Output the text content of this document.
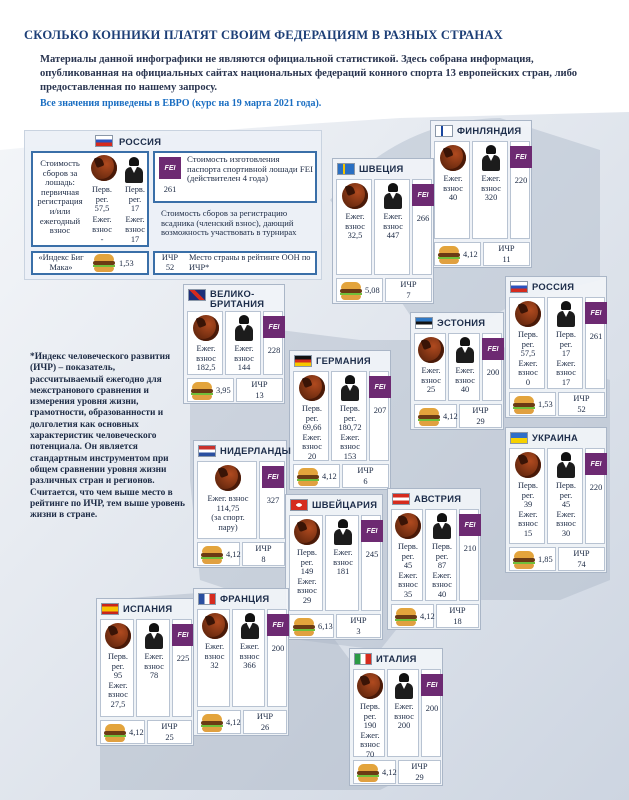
СКОЛЬКО КОННИКИ ПЛАТЯТ СВОИМ ФЕДЕРАЦИЯМ В РАЗНЫХ СТРАНАХ
Материалы данной инфографики не являются официальной статистикой. Здесь собрана информация, опубликованная на официальных сайтах национальных федераций конного спорта 13 европейских стран, либо предоставленная по нашему запросу.
Все значения приведены в ЕВРО (курс на 19 марта 2021 года).
РОССИЯ
Стоимость сборов за лошадь: первичная регистрация и/или ежегодный взнос
Перв. рег.
57,5
Ежег. взнос
-
Перв. рег.
17
Ежег. взнос
17
FEI
261
Стоимость изготовления паспорта спортивной лошади FEI (действителен 4 года)
Стоимость сборов за регистрацию всадника (членский взнос), дающий возможность участвовать в турнирах
«Индекс Биг Мака»	1,53
ИЧР
52
Место страны в рейтинге ООН по ИЧР*
*Индекс человеческого развития (ИЧР) – показатель, рассчитываемый ежегодно для межстранового сравнения и измерения уровня жизни, грамотности, образованности и долголетия как основных характеристик человеческого потенциала. Он является стандартным инструментом при общем сравнении уровня жизни различных стран и регионов. Считается, что чем выше место в рейтинге по ИЧР, тем выше уровень жизни в стране.
ФИНЛЯНДИЯ
Ежег.
взнос
40
Ежег.
взнос
320
FEI
220
4,12
ИЧР
11
ШВЕЦИЯ
Ежег.
взнос
32,5
Ежег.
взнос
447
FEI
266
5,08
ИЧР
7
ВЕЛИКО-БРИТАНИЯ
Ежег.
взнос
182,5
Ежег.
взнос
144
FEI
228
3,95
ИЧР
13
РОССИЯ
Перв.
рег.
57,5
Ежег.
взнос
0
Перв.
рег.
17
Ежег.
взнос
17
FEI
261
1,53
ИЧР
52
ЭСТОНИЯ
Ежег.
взнос
25
Ежег.
взнос
40
FEI
200
4,12
ИЧР
29
ГЕРМАНИЯ
Перв.
рег.
69,66
Ежег.
взнос
20
Перв.
рег.
180,72
Ежег.
взнос
153
FEI
207
4,12
ИЧР
6
НИДЕРЛАНДЫ
Ежег. взнос
114,75
(за спорт.
пару)
FEI
327
4,12
ИЧР
8
УКРАИНА
Перв.
рег.
39
Ежег.
взнос
15
Перв.
рег.
45
Ежег.
взнос
30
FEI
220
1,85
ИЧР
74
ШВЕЙЦАРИЯ
Перв.
рег.
149
Ежег.
взнос
29
Ежег.
взнос
181
FEI
245
6,13
ИЧР
3
АВСТРИЯ
Перв.
рег.
45
Ежег.
взнос
35
Перв.
рег.
87
Ежег.
взнос
40
FEI
210
4,12
ИЧР
18
ИСПАНИЯ
Перв.
рег.
95
Ежег.
взнос
27,5
Ежег.
взнос
78
FEI
225
4,12
ИЧР
25
ФРАНЦИЯ
Ежег.
взнос
32
Ежег.
взнос
366
FEI
200
4,12
ИЧР
26
ИТАЛИЯ
Перв.
рег.
190
Ежег.
взнос
70
Ежег.
взнос
200
FEI
200
4,12
ИЧР
29
